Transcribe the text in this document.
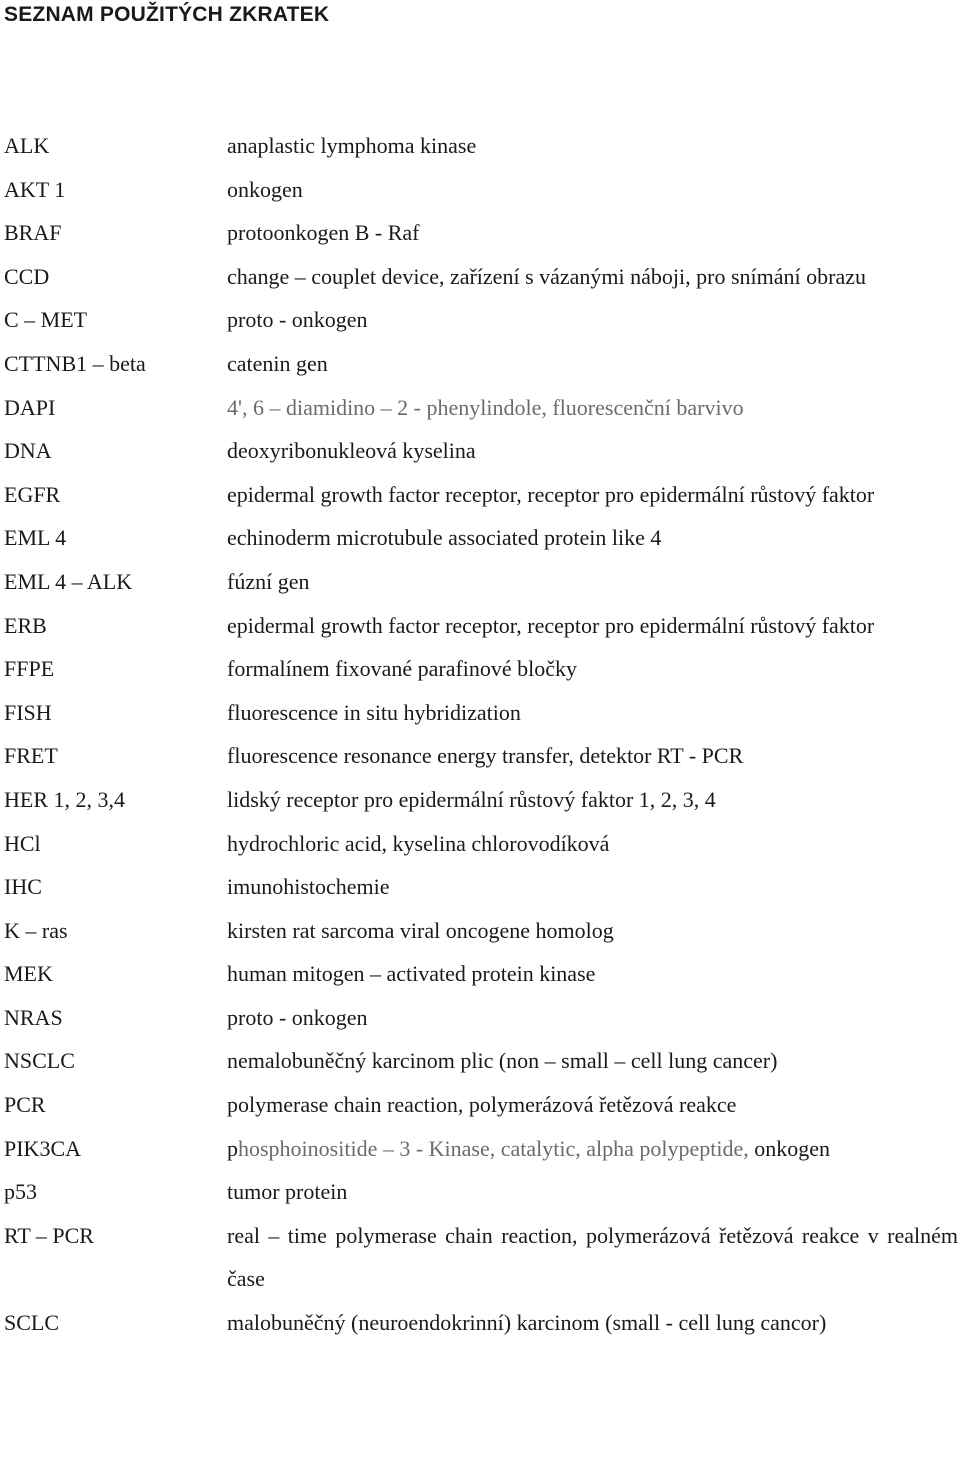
SEZNAM POUŽITÝCH ZKRATEK
ALK	anaplastic lymphoma kinase
AKT 1	onkogen
BRAF	protoonkogen B - Raf
CCD	change – couplet device, zařízení s vázanými náboji, pro snímání obrazu
C – MET	proto - onkogen
CTTNB1 – beta	catenin gen
DAPI	4', 6 – diamidino – 2 - phenylindole, fluorescenční barvivo
DNA	deoxyribonukleová kyselina
EGFR	epidermal growth factor receptor, receptor pro epidermální růstový faktor
EML 4	echinoderm microtubule associated protein like 4
EML 4 – ALK	fúzní gen
ERB	epidermal growth factor receptor, receptor pro epidermální růstový faktor
FFPE	formalínem fixované parafinové bločky
FISH	fluorescence in situ hybridization
FRET	fluorescence resonance energy transfer, detektor RT - PCR
HER 1, 2, 3,4	lidský receptor pro epidermální růstový faktor 1, 2, 3, 4
HCl	hydrochloric acid, kyselina chlorovodíková
IHC	imunohistochemie
K – ras	kirsten rat sarcoma viral oncogene homolog
MEK	human mitogen – activated protein kinase
NRAS	proto - onkogen
NSCLC	nemalobuněčný karcinom plic (non – small – cell lung cancer)
PCR	polymerase chain reaction, polymerázová řetězová reakce
PIK3CA	phosphoinositide – 3 - Kinase, catalytic, alpha polypeptide, onkogen
p53	tumor protein
RT – PCR	real – time polymerase chain reaction, polymerázová řetězová reakce v realném čase
SCLC	malobuněčný (neuroendokrinní) karcinom (small - cell lung cancor)
